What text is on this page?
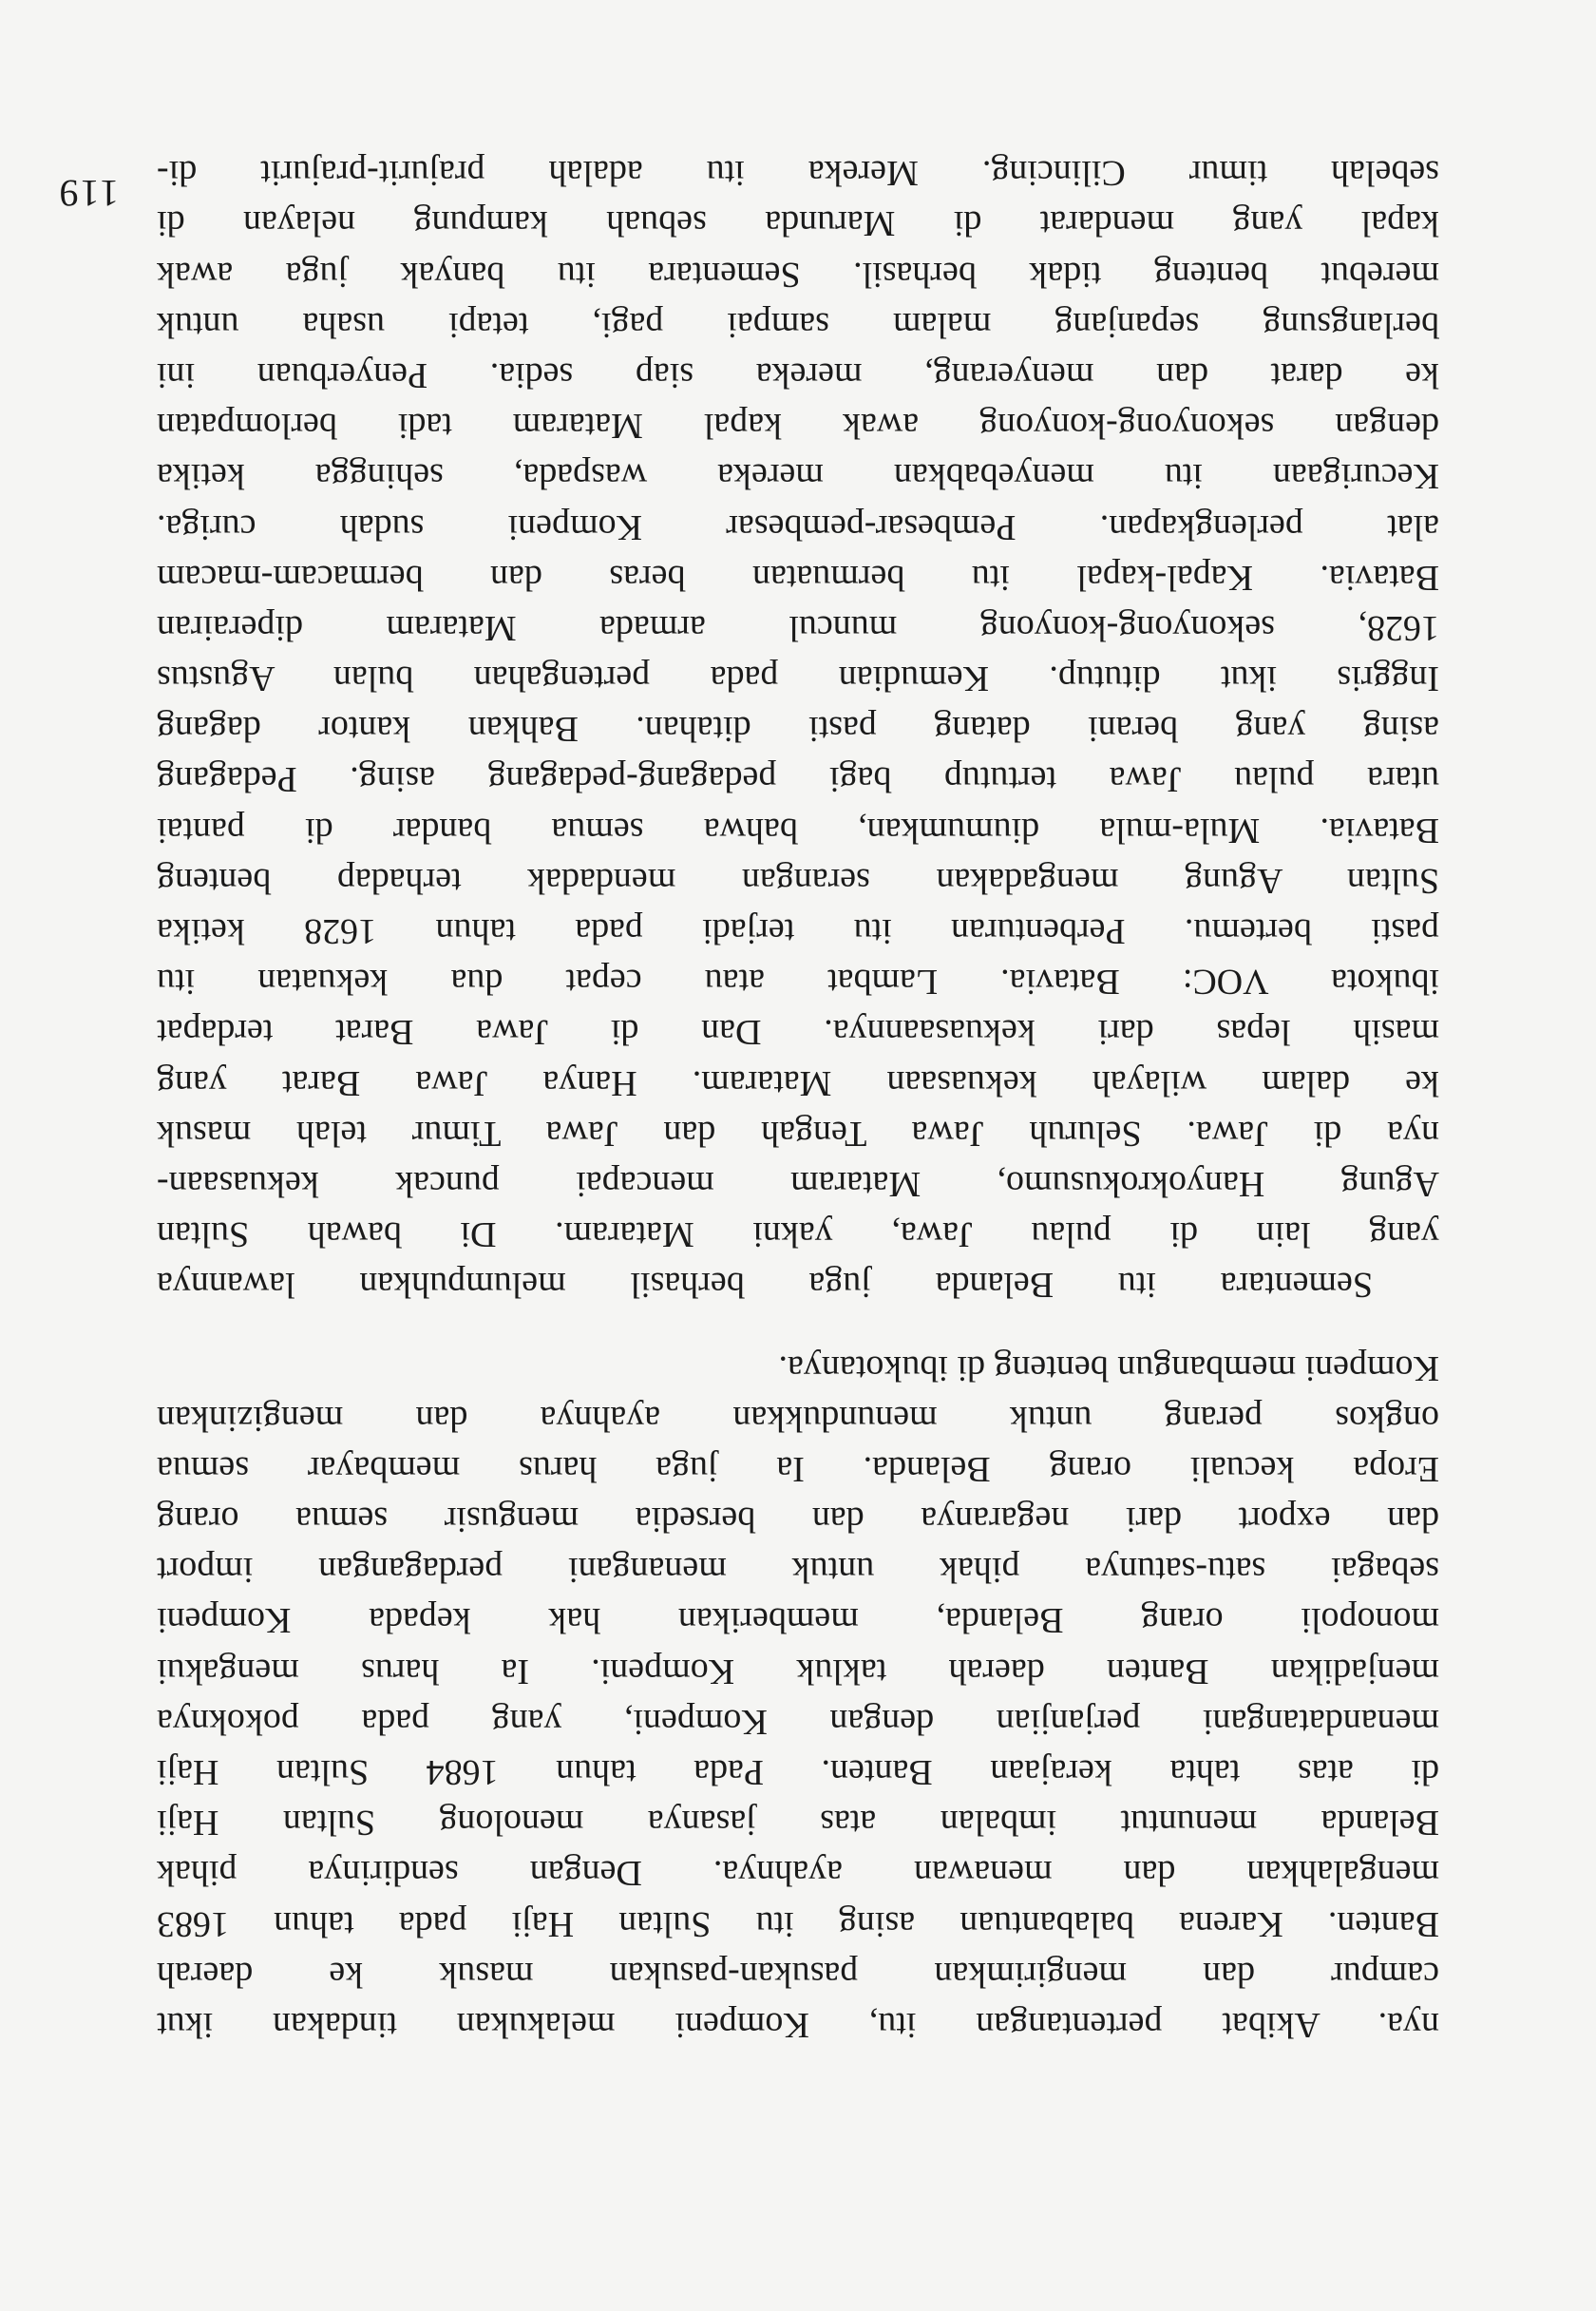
nya. Akibat pertentangan itu, Kompeni melakukan tindakan ikut
campur dan mengirimkan pasukan-pasukan masuk ke daerah
Banten. Karena balabantuan asing itu Sultan Haji pada tahun 1683
mengalahkan dan menawan ayahnya. Dengan sendirinya pihak
Belanda menuntut imbalan atas jasanya menolong Sultan Haji
di atas tahta kerajaan Banten. Pada tahun 1684 Sultan Haji
menandatangani perjanjian dengan Kompeni, yang pada pokoknya
menjadikan Banten daerah takluk Kompeni. Ia harus mengakui
monopoli orang Belanda, memberikan hak kepada Kompeni
sebagai satu-satunya pihak untuk menangani perdagangan import
dan export dari negaranya dan bersedia mengusir semua orang
Eropa kecuali orang Belanda. Ia juga harus membayar semua
ongkos perang untuk menundukkan ayahnya dan mengizinkan
Kompeni membangun benteng di ibukotanya.

Sementara itu Belanda juga berhasil melumpuhkan lawannya
yang lain di pulau Jawa, yakni Mataram. Di bawah Sultan
Agung Hanyokrokusumo, Mataram mencapai puncak kekuasaan-
nya di Jawa. Seluruh Jawa Tengah dan Jawa Timur telah masuk
ke dalam wilayah kekuasaan Mataram. Hanya Jawa Barat yang
masih lepas dari kekuasaannya. Dan di Jawa Barat terdapat
ibukota VOC: Batavia. Lambat atau cepat dua kekuatan itu
pasti bertemu. Perbenturan itu terjadi pada tahun 1628 ketika
Sultan Agung mengadakan serangan mendadak terhadap benteng
Batavia. Mula-mula diumumkan, bahwa semua bandar di pantai
utara pulau Jawa tertutup bagi pedagang-pedagang asing. Pedagang
asing yang berani datang pasti ditahan. Bahkan kantor dagang
Inggris ikut ditutup. Kemudian pada pertengahan bulan Agustus
1628, sekonyong-konyong muncul armada Mataram diperairan
Batavia. Kapal-kapal itu bermuatan beras dan bermacam-macam
alat perlengkapan. Pembesar-pembesar Kompeni sudah curiga.
Kecurigaan itu menyebabkan mereka waspada, sehingga ketika
dengan sekonyong-konyong awak kapal Mataram tadi berlompatan
ke darat dan menyerang, mereka siap sedia. Penyerbuan ini
berlangsung sepanjang malam sampai pagi, tetapi usaha untuk
merebut benteng tidak berhasil. Sementara itu banyak juga awak
kapal yang mendarat di Marunda sebuah kampung nelayan di
sebelah timur Cilincing. Mereka itu adalah prajurit-prajurit di-

119
